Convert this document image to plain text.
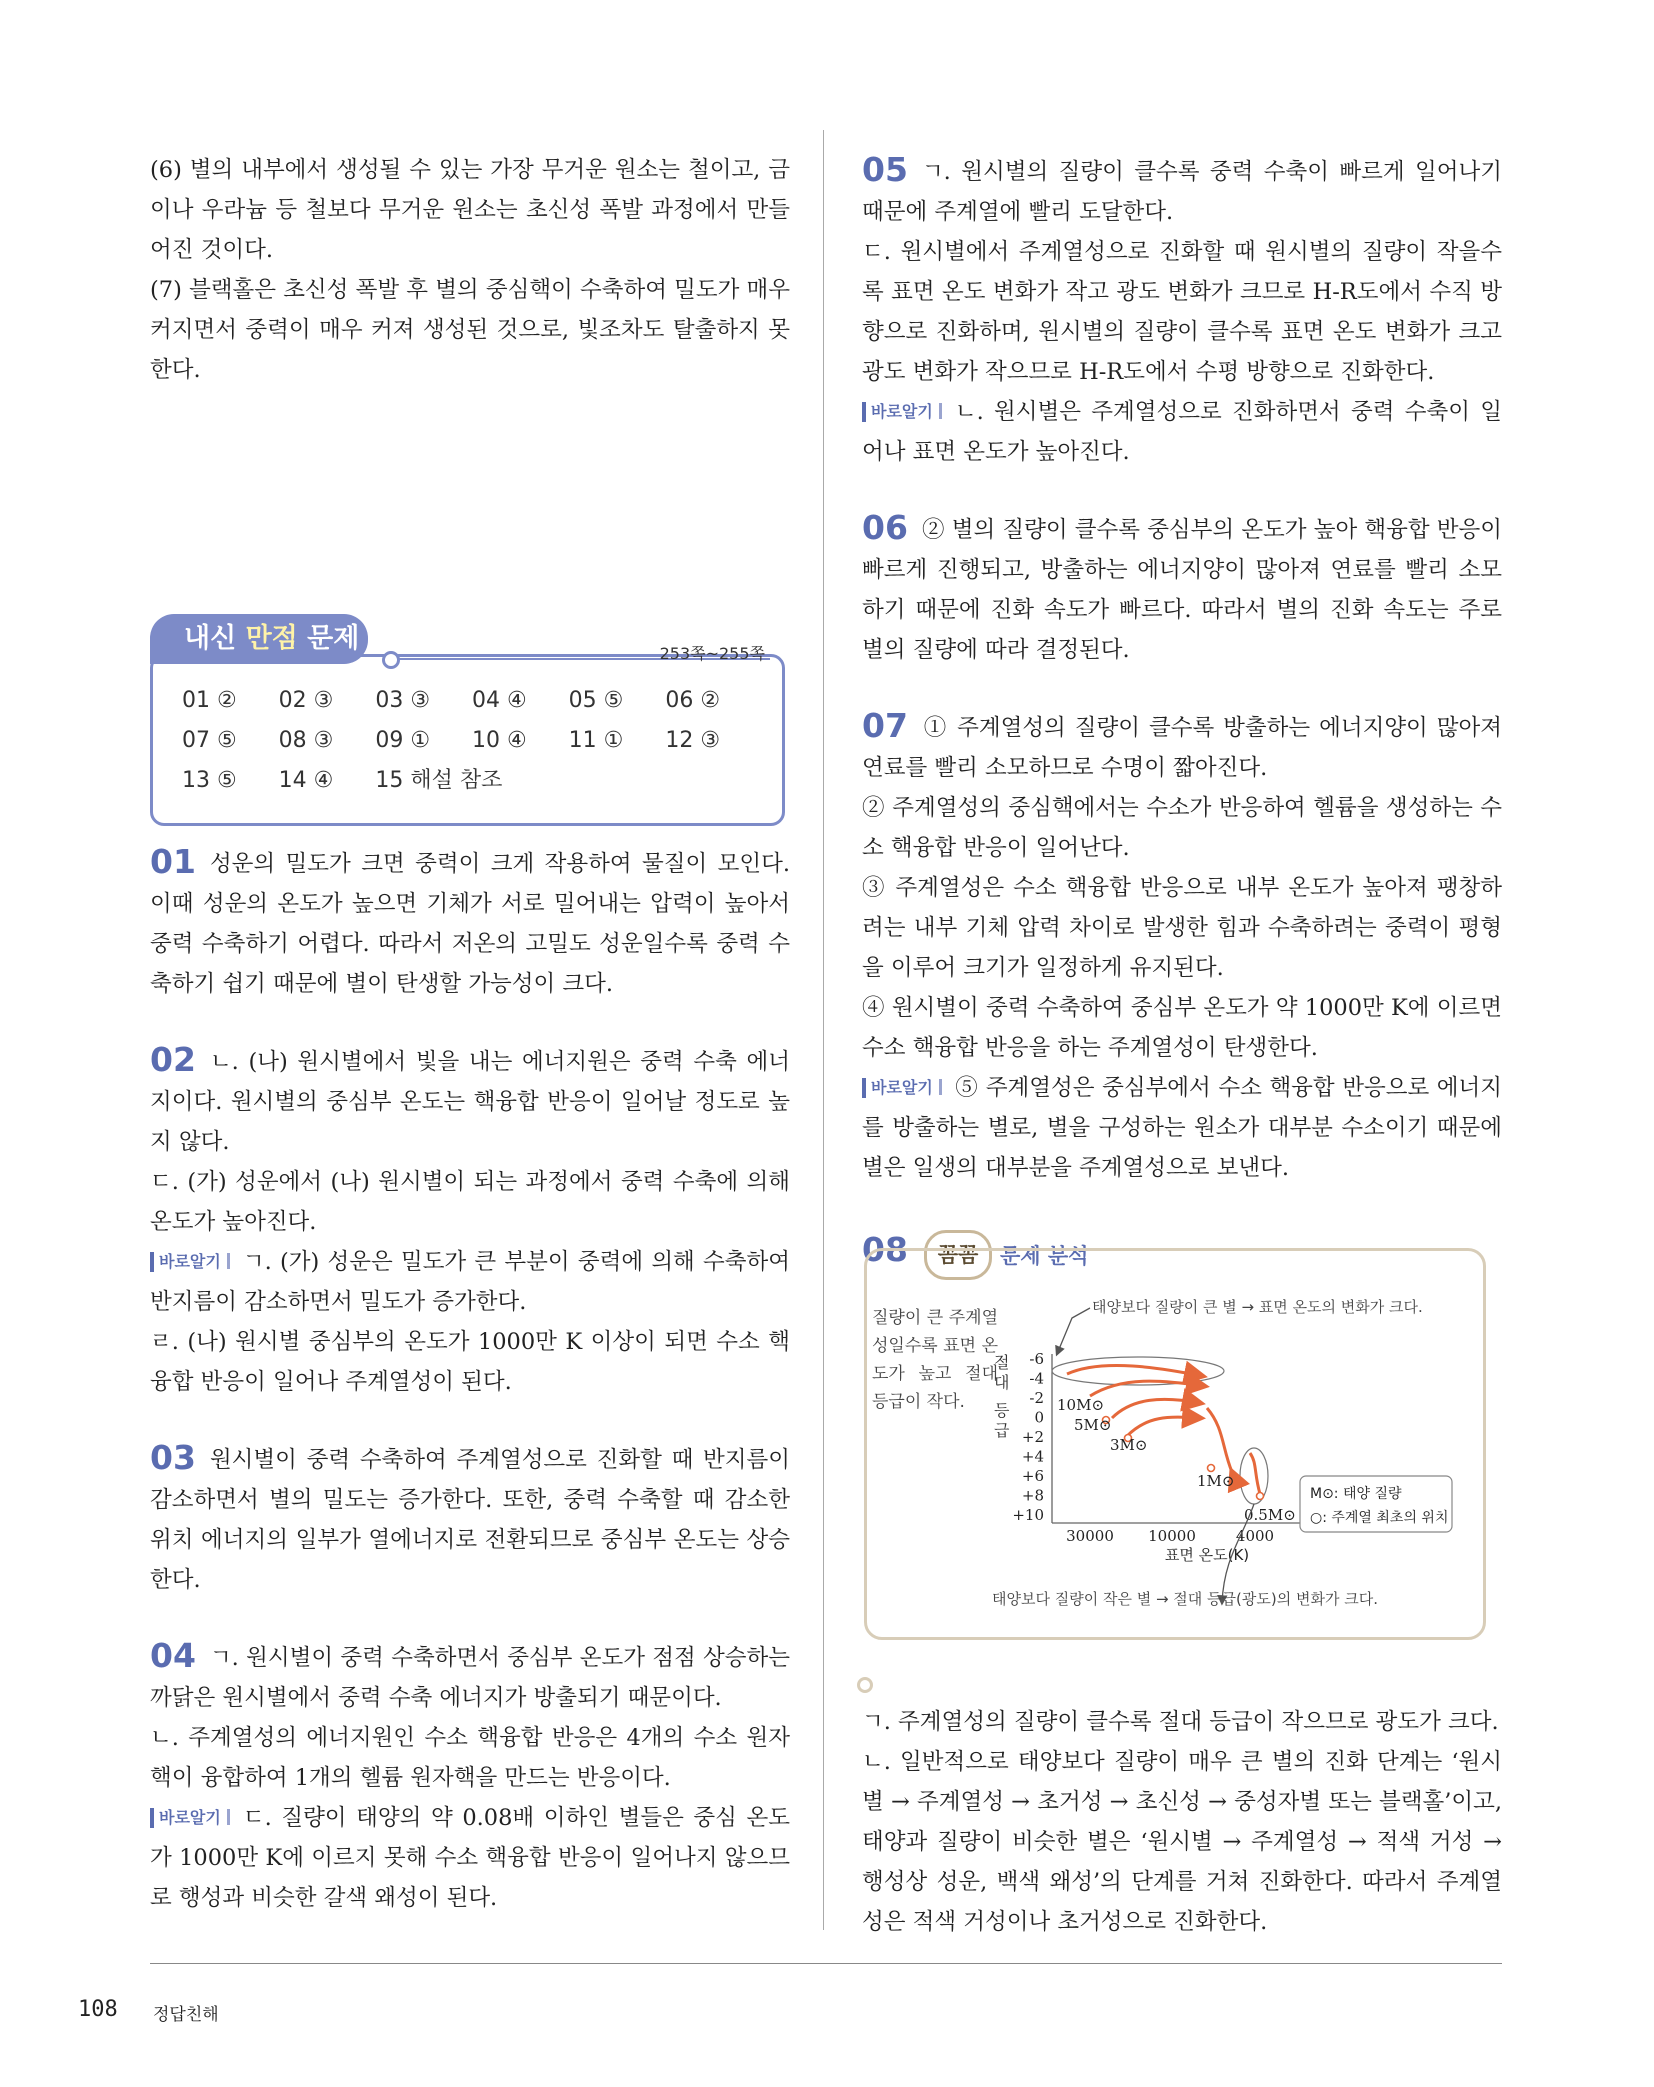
(6) 별의 내부에서 생성될 수 있는 가장 무거운 원소는 철이고, 금이나 우라늄 등 철보다 무거운 원소는 초신성 폭발 과정에서 만들어진 것이다.

(7) 블랙홀은 초신성 폭발 후 별의 중심핵이 수축하여 밀도가 매우 커지면서 중력이 매우 커져 생성된 것으로, 빛조차도 탈출하지 못한다.

내신 만점 문제	253쪽~255쪽
01 ②	02 ③	03 ③	04 ④	05 ⑤	06 ②
07 ⑤	08 ③	09 ①	10 ④	11 ①	12 ③
13 ⑤	14 ④	15 해설 참조

01 성운의 밀도가 크면 중력이 크게 작용하여 물질이 모인다. 이때 성운의 온도가 높으면 기체가 서로 밀어내는 압력이 높아서 중력 수축하기 어렵다. 따라서 저온의 고밀도 성운일수록 중력 수축하기 쉽기 때문에 별이 탄생할 가능성이 크다.

02 ㄴ. (나) 원시별에서 빛을 내는 에너지원은 중력 수축 에너지이다. 원시별의 중심부 온도는 핵융합 반응이 일어날 정도로 높지 않다.

ㄷ. (가) 성운에서 (나) 원시별이 되는 과정에서 중력 수축에 의해 온도가 높아진다.

바로알기 ㄱ. (가) 성운은 밀도가 큰 부분이 중력에 의해 수축하여 반지름이 감소하면서 밀도가 증가한다.

ㄹ. (나) 원시별 중심부의 온도가 1000만 K 이상이 되면 수소 핵융합 반응이 일어나 주계열성이 된다.

03 원시별이 중력 수축하여 주계열성으로 진화할 때 반지름이 감소하면서 별의 밀도는 증가한다. 또한, 중력 수축할 때 감소한 위치 에너지의 일부가 열에너지로 전환되므로 중심부 온도는 상승한다.

04 ㄱ. 원시별이 중력 수축하면서 중심부 온도가 점점 상승하는 까닭은 원시별에서 중력 수축 에너지가 방출되기 때문이다.

ㄴ. 주계열성의 에너지원인 수소 핵융합 반응은 4개의 수소 원자핵이 융합하여 1개의 헬륨 원자핵을 만드는 반응이다.

바로알기 ㄷ. 질량이 태양의 약 0.08배 이하인 별들은 중심 온도가 1000만 K에 이르지 못해 수소 핵융합 반응이 일어나지 않으므로 행성과 비슷한 갈색 왜성이 된다.

05 ㄱ. 원시별의 질량이 클수록 중력 수축이 빠르게 일어나기 때문에 주계열에 빨리 도달한다.

ㄷ. 원시별에서 주계열성으로 진화할 때 원시별의 질량이 작을수록 표면 온도 변화가 작고 광도 변화가 크므로 H-R도에서 수직 방향으로 진화하며, 원시별의 질량이 클수록 표면 온도 변화가 크고 광도 변화가 작으므로 H-R도에서 수평 방향으로 진화한다.

바로알기 ㄴ. 원시별은 주계열성으로 진화하면서 중력 수축이 일어나 표면 온도가 높아진다.

06 ② 별의 질량이 클수록 중심부의 온도가 높아 핵융합 반응이 빠르게 진행되고, 방출하는 에너지양이 많아져 연료를 빨리 소모하기 때문에 진화 속도가 빠르다. 따라서 별의 진화 속도는 주로 별의 질량에 따라 결정된다.

07 ① 주계열성의 질량이 클수록 방출하는 에너지양이 많아져 연료를 빨리 소모하므로 수명이 짧아진다.

② 주계열성의 중심핵에서는 수소가 반응하여 헬륨을 생성하는 수소 핵융합 반응이 일어난다.

③ 주계열성은 수소 핵융합 반응으로 내부 온도가 높아져 팽창하려는 내부 기체 압력 차이로 발생한 힘과 수축하려는 중력이 평형을 이루어 크기가 일정하게 유지된다.

④ 원시별이 중력 수축하여 중심부 온도가 약 1000만 K에 이르면 수소 핵융합 반응을 하는 주계열성이 탄생한다.

바로알기 ⑤ 주계열성은 중심부에서 수소 핵융합 반응으로 에너지를 방출하는 별로, 별을 구성하는 원소가 대부분 수소이기 때문에 별은 일생의 대부분을 주계열성으로 보낸다.

08	꼼꼼	문제 분석
질량이 큰 주계열성일수록 표면 온도가 높고 절대 등급이 작다.
태양보다 질량이 큰 별 → 표면 온도의 변화가 크다.
절 대 등 급
-6
-4
-2
0
+2
+4
+6
+8
+10
30000 10000	4000
표면 온도(K)
10M⊙
5M⊙
3M⊙
1M⊙
0.5M⊙
M⊙: 태양 질량
○: 주계열 최초의 위치
태양보다 질량이 작은 별 → 절대 등급(광도)의 변화가 크다.

ㄱ. 주계열성의 질량이 클수록 절대 등급이 작으므로 광도가 크다.

ㄴ. 일반적으로 태양보다 질량이 매우 큰 별의 진화 단계는 ‘원시별 → 주계열성 → 초거성 → 초신성 → 중성자별 또는 블랙홀’이고, 태양과 질량이 비슷한 별은 ‘원시별 → 주계열성 → 적색 거성 → 행성상 성운, 백색 왜성’의 단계를 거쳐 진화한다. 따라서 주계열성은 적색 거성이나 초거성으로 진화한다.

108 정답친해
